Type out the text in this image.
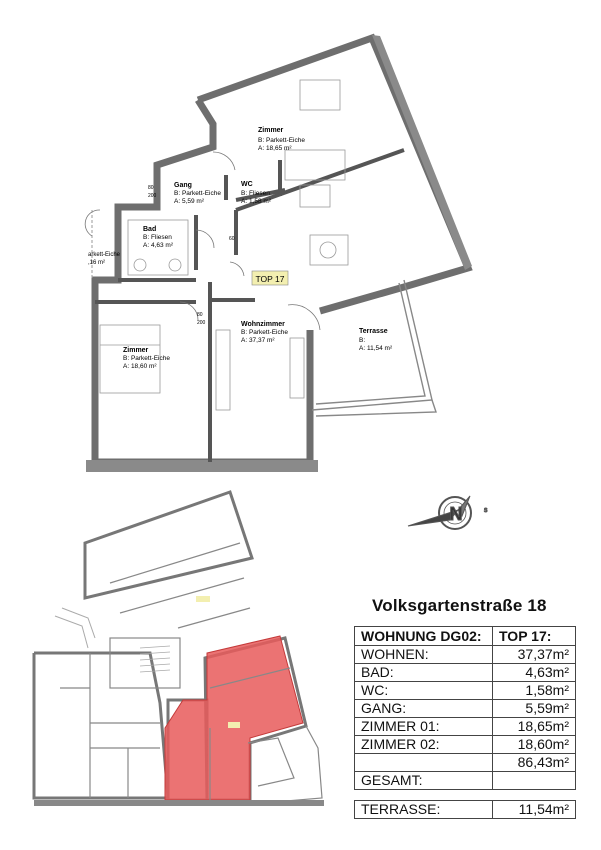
Zimmer
B: Parkett-Eiche
A: 18,65 m²
Gang
B: Parkett-Eiche
A: 5,59 m²
WC
B: Fliesen
A: 1,58 m²
Bad
B: Fliesen
A: 4,63 m²
Zimmer
B: Parkett-Eiche
A: 18,60 m²
Wohnzimmer
B: Parkett-Eiche
A: 37,37 m²
Terrasse
B:
A: 11,54 m²
arkett-Eiche
,16 m²
80
200
80
200
60
TOP 17
N	S
Volksgartenstraße 18
WOHNUNG DG02:	TOP 17:
WOHNEN:	37,37m²
BAD:	4,63m²
WC:	1,58m²
GANG:	5,59m²
ZIMMER 01:	18,65m²
ZIMMER 02:	18,60m²
	86,43m²
GESAMT:	

TERRASSE:	11,54m²
